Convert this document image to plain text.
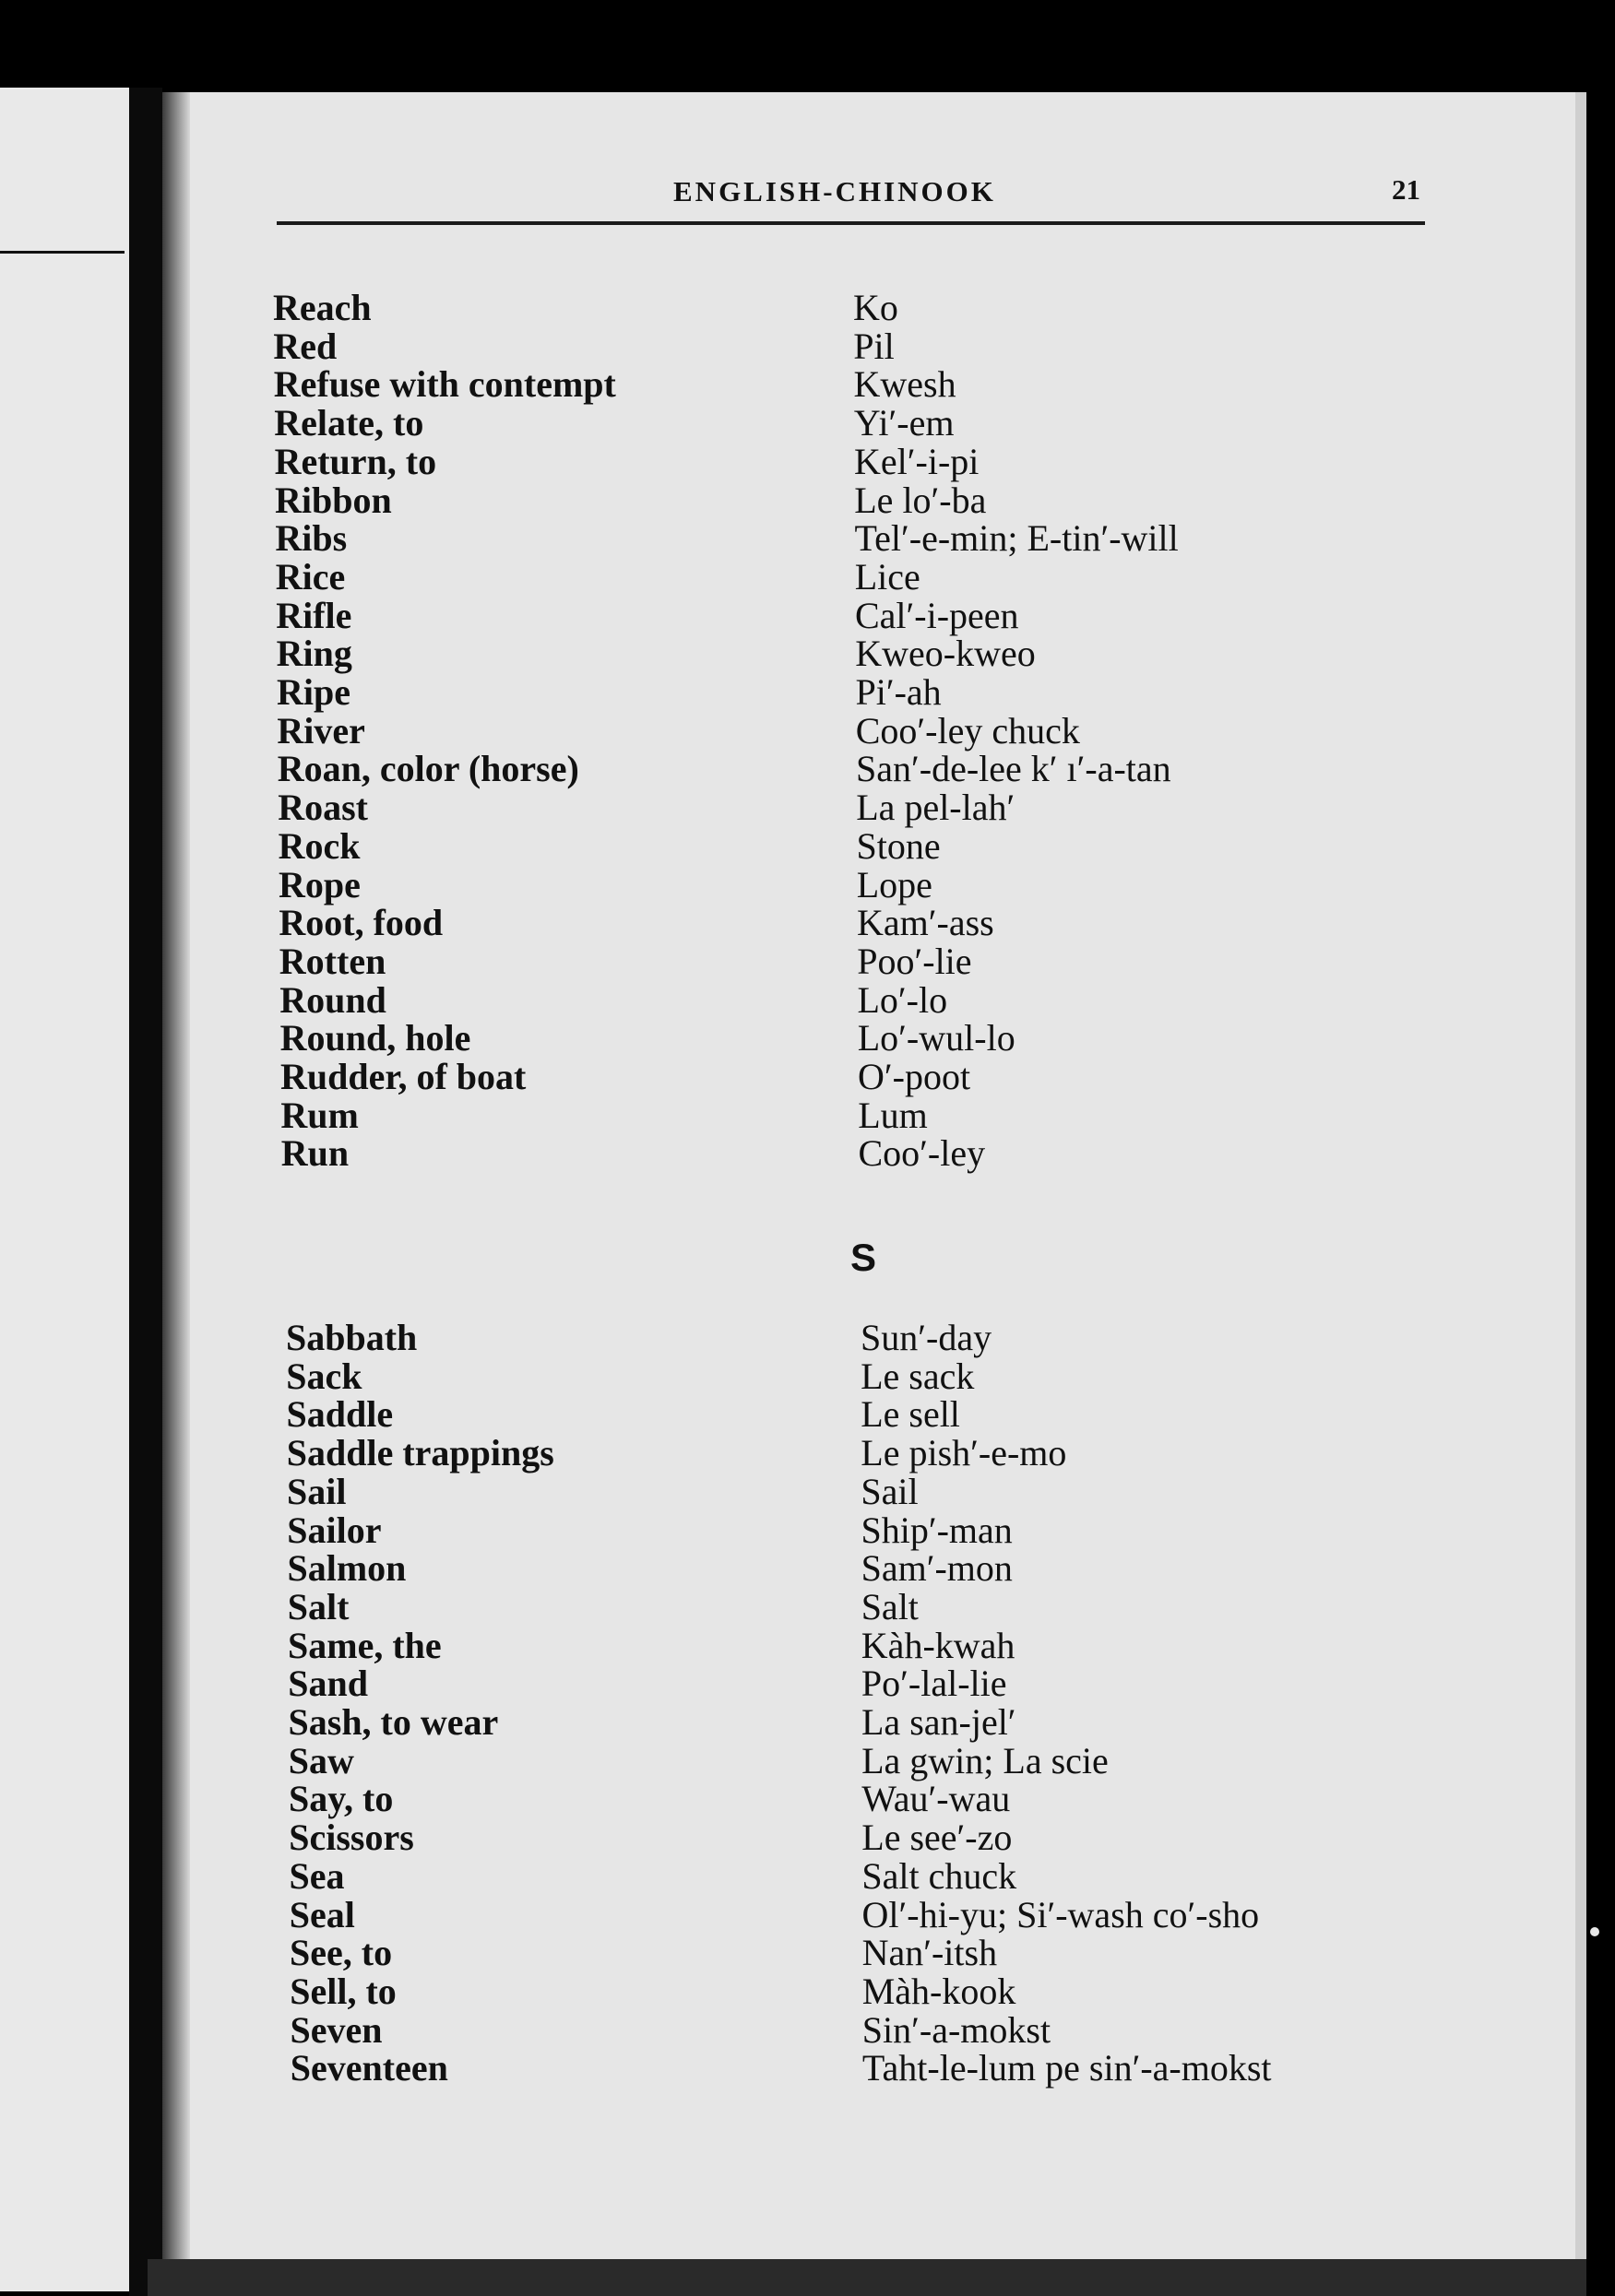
ENGLISH-CHINOOK	21
Reach	Ko
Red	Pil
Refuse with contempt	Kwesh
Relate, to	Yi′-em
Return, to	Kel′-i-pi
Ribbon	Le lo′-ba
Ribs	Tel′-e-min; E-tin′-will
Rice	Lice
Rifle	Cal′-i-peen
Ring	Kweo-kweo
Ripe	Pi′-ah
River	Coo′-ley chuck
Roan, color (horse)	San′-de-lee k′ ı′-a-tan
Roast	La pel-lah′
Rock	Stone
Rope	Lope
Root, food	Kam′-ass
Rotten	Poo′-lie
Round	Lo′-lo
Round, hole	Lo′-wul-lo
Rudder, of boat	O′-poot
Rum	Lum
Run	Coo′-ley
S
Sabbath	Sun′-day
Sack	Le sack
Saddle	Le sell
Saddle trappings	Le pish′-e-mo
Sail	Sail
Sailor	Ship′-man
Salmon	Sam′-mon
Salt	Salt
Same, the	Kàh-kwah
Sand	Po′-lal-lie
Sash, to wear	La san-jel′
Saw	La gwin; La scie
Say, to	Wau′-wau
Scissors	Le see′-zo
Sea	Salt chuck
Seal	Ol′-hi-yu; Si′-wash co′-sho
See, to	Nan′-itsh
Sell, to	Màh-kook
Seven	Sin′-a-mokst
Seventeen	Taht-le-lum pe sin′-a-mokst
